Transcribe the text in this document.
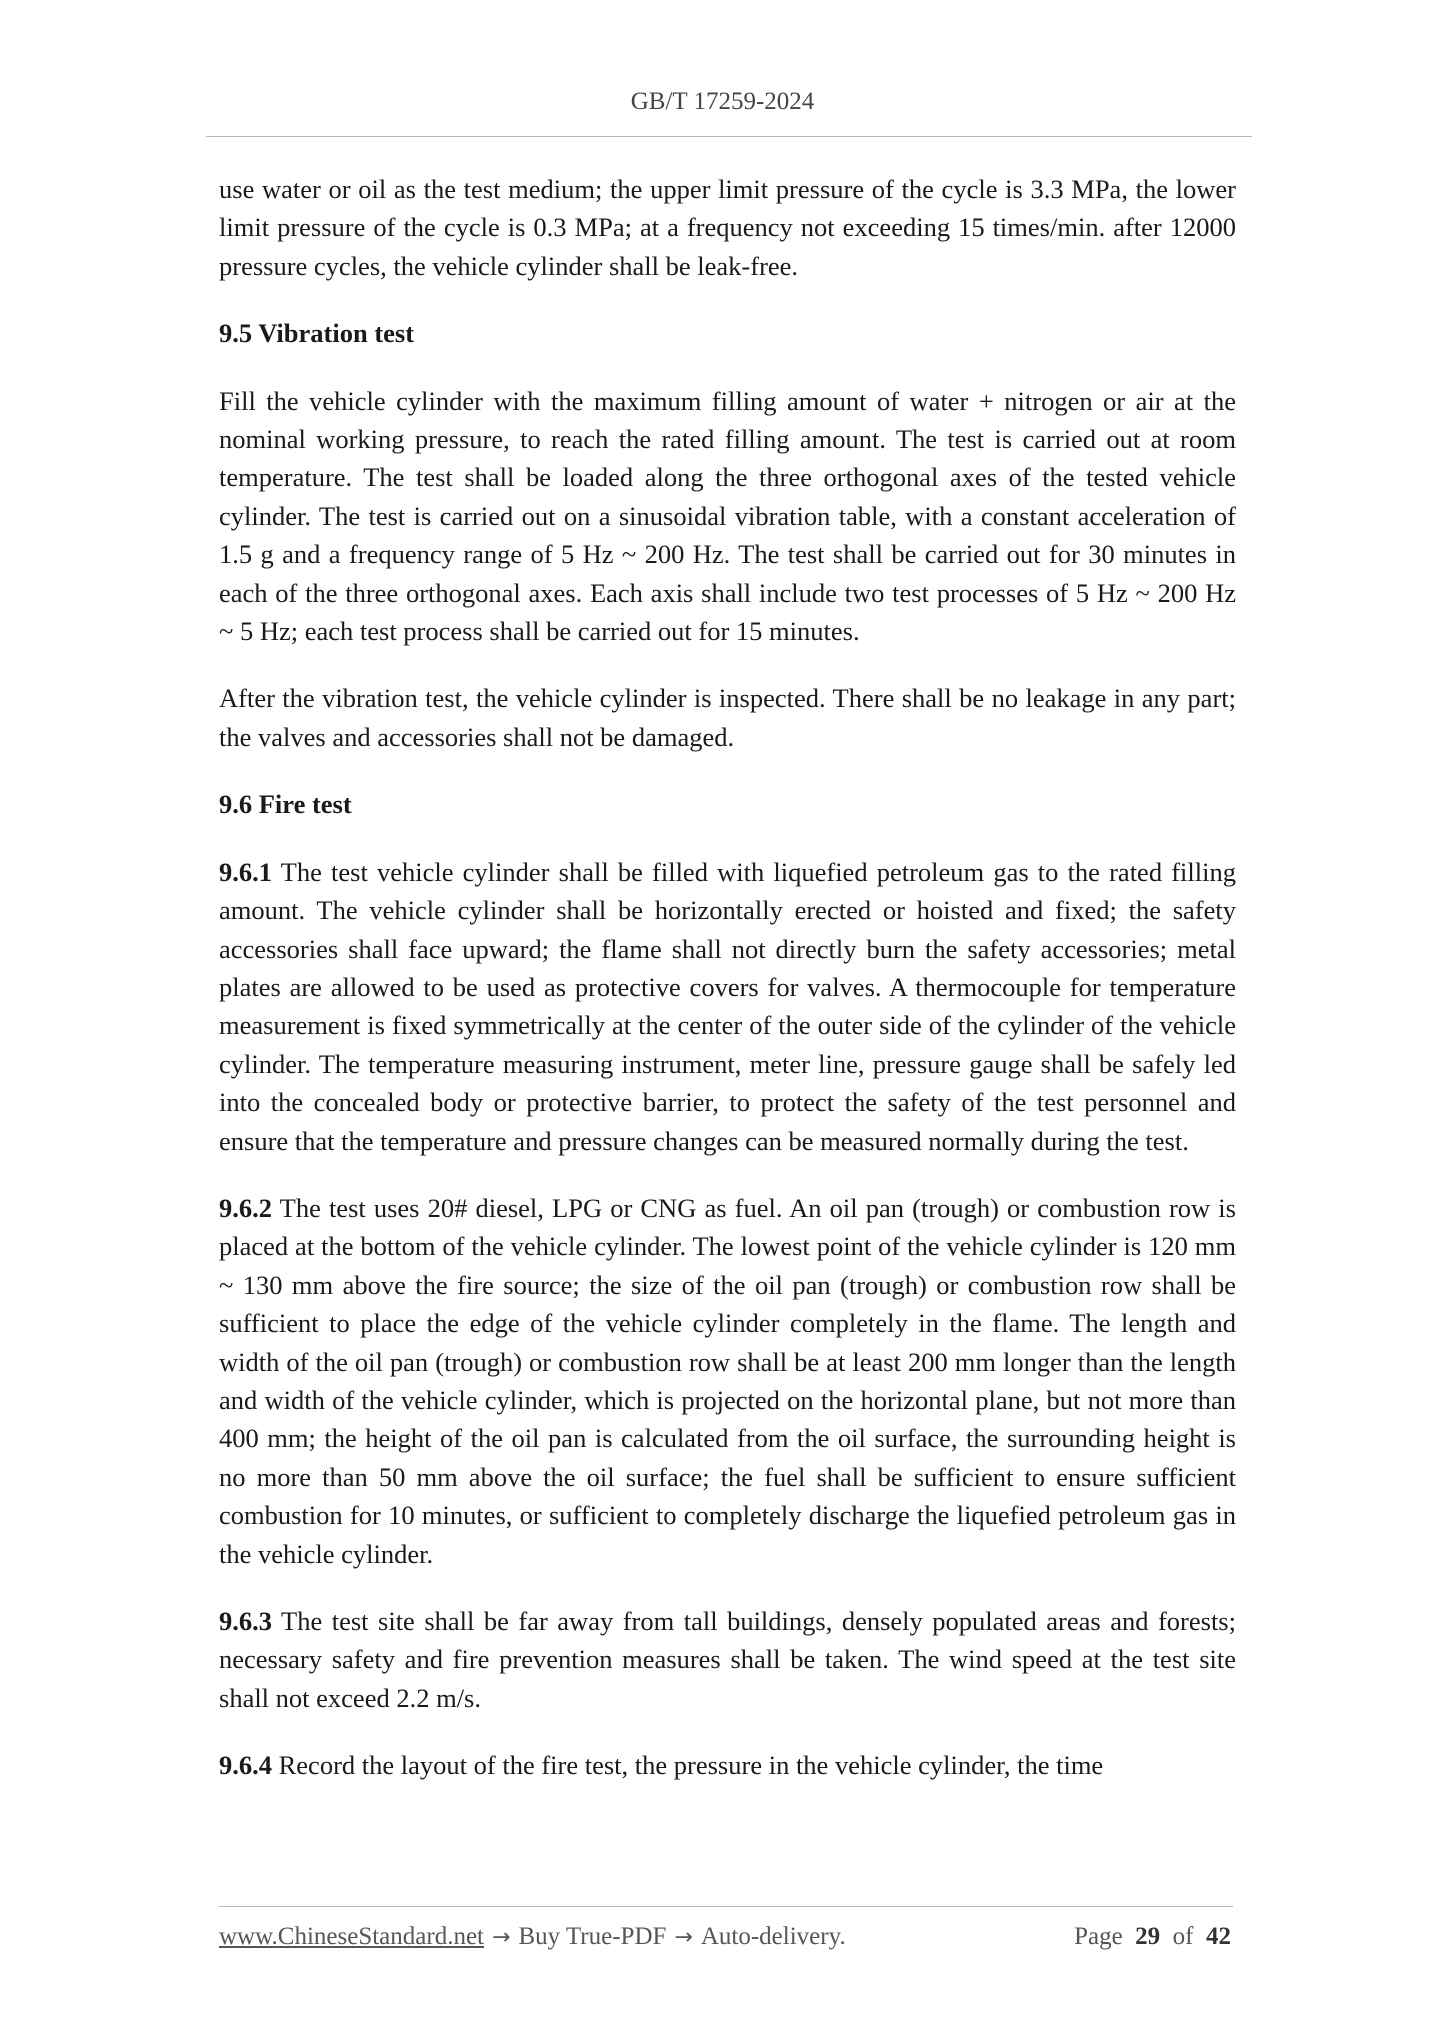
GB/T 17259-2024

use water or oil as the test medium; the upper limit pressure of the cycle is 3.3 MPa, the lower limit pressure of the cycle is 0.3 MPa; at a frequency not exceeding 15 times/min. after 12000 pressure cycles, the vehicle cylinder shall be leak-free.

9.5 Vibration test

Fill the vehicle cylinder with the maximum filling amount of water + nitrogen or air at the nominal working pressure, to reach the rated filling amount. The test is carried out at room temperature. The test shall be loaded along the three orthogonal axes of the tested vehicle cylinder. The test is carried out on a sinusoidal vibration table, with a constant acceleration of 1.5 g and a frequency range of 5 Hz ~ 200 Hz. The test shall be carried out for 30 minutes in each of the three orthogonal axes. Each axis shall include two test processes of 5 Hz ~ 200 Hz ~ 5 Hz; each test process shall be carried out for 15 minutes.

After the vibration test, the vehicle cylinder is inspected. There shall be no leakage in any part; the valves and accessories shall not be damaged.

9.6 Fire test

9.6.1 The test vehicle cylinder shall be filled with liquefied petroleum gas to the rated filling amount. The vehicle cylinder shall be horizontally erected or hoisted and fixed; the safety accessories shall face upward; the flame shall not directly burn the safety accessories; metal plates are allowed to be used as protective covers for valves. A thermocouple for temperature measurement is fixed symmetrically at the center of the outer side of the cylinder of the vehicle cylinder. The temperature measuring instrument, meter line, pressure gauge shall be safely led into the concealed body or protective barrier, to protect the safety of the test personnel and ensure that the temperature and pressure changes can be measured normally during the test.

9.6.2 The test uses 20# diesel, LPG or CNG as fuel. An oil pan (trough) or combustion row is placed at the bottom of the vehicle cylinder. The lowest point of the vehicle cylinder is 120 mm ~ 130 mm above the fire source; the size of the oil pan (trough) or combustion row shall be sufficient to place the edge of the vehicle cylinder completely in the flame. The length and width of the oil pan (trough) or combustion row shall be at least 200 mm longer than the length and width of the vehicle cylinder, which is projected on the horizontal plane, but not more than 400 mm; the height of the oil pan is calculated from the oil surface, the surrounding height is no more than 50 mm above the oil surface; the fuel shall be sufficient to ensure sufficient combustion for 10 minutes, or sufficient to completely discharge the liquefied petroleum gas in the vehicle cylinder.

9.6.3 The test site shall be far away from tall buildings, densely populated areas and forests; necessary safety and fire prevention measures shall be taken. The wind speed at the test site shall not exceed 2.2 m/s.

9.6.4 Record the layout of the fire test, the pressure in the vehicle cylinder, the time

www.ChineseStandard.net → Buy True-PDF → Auto-delivery.	Page 29 of 42
